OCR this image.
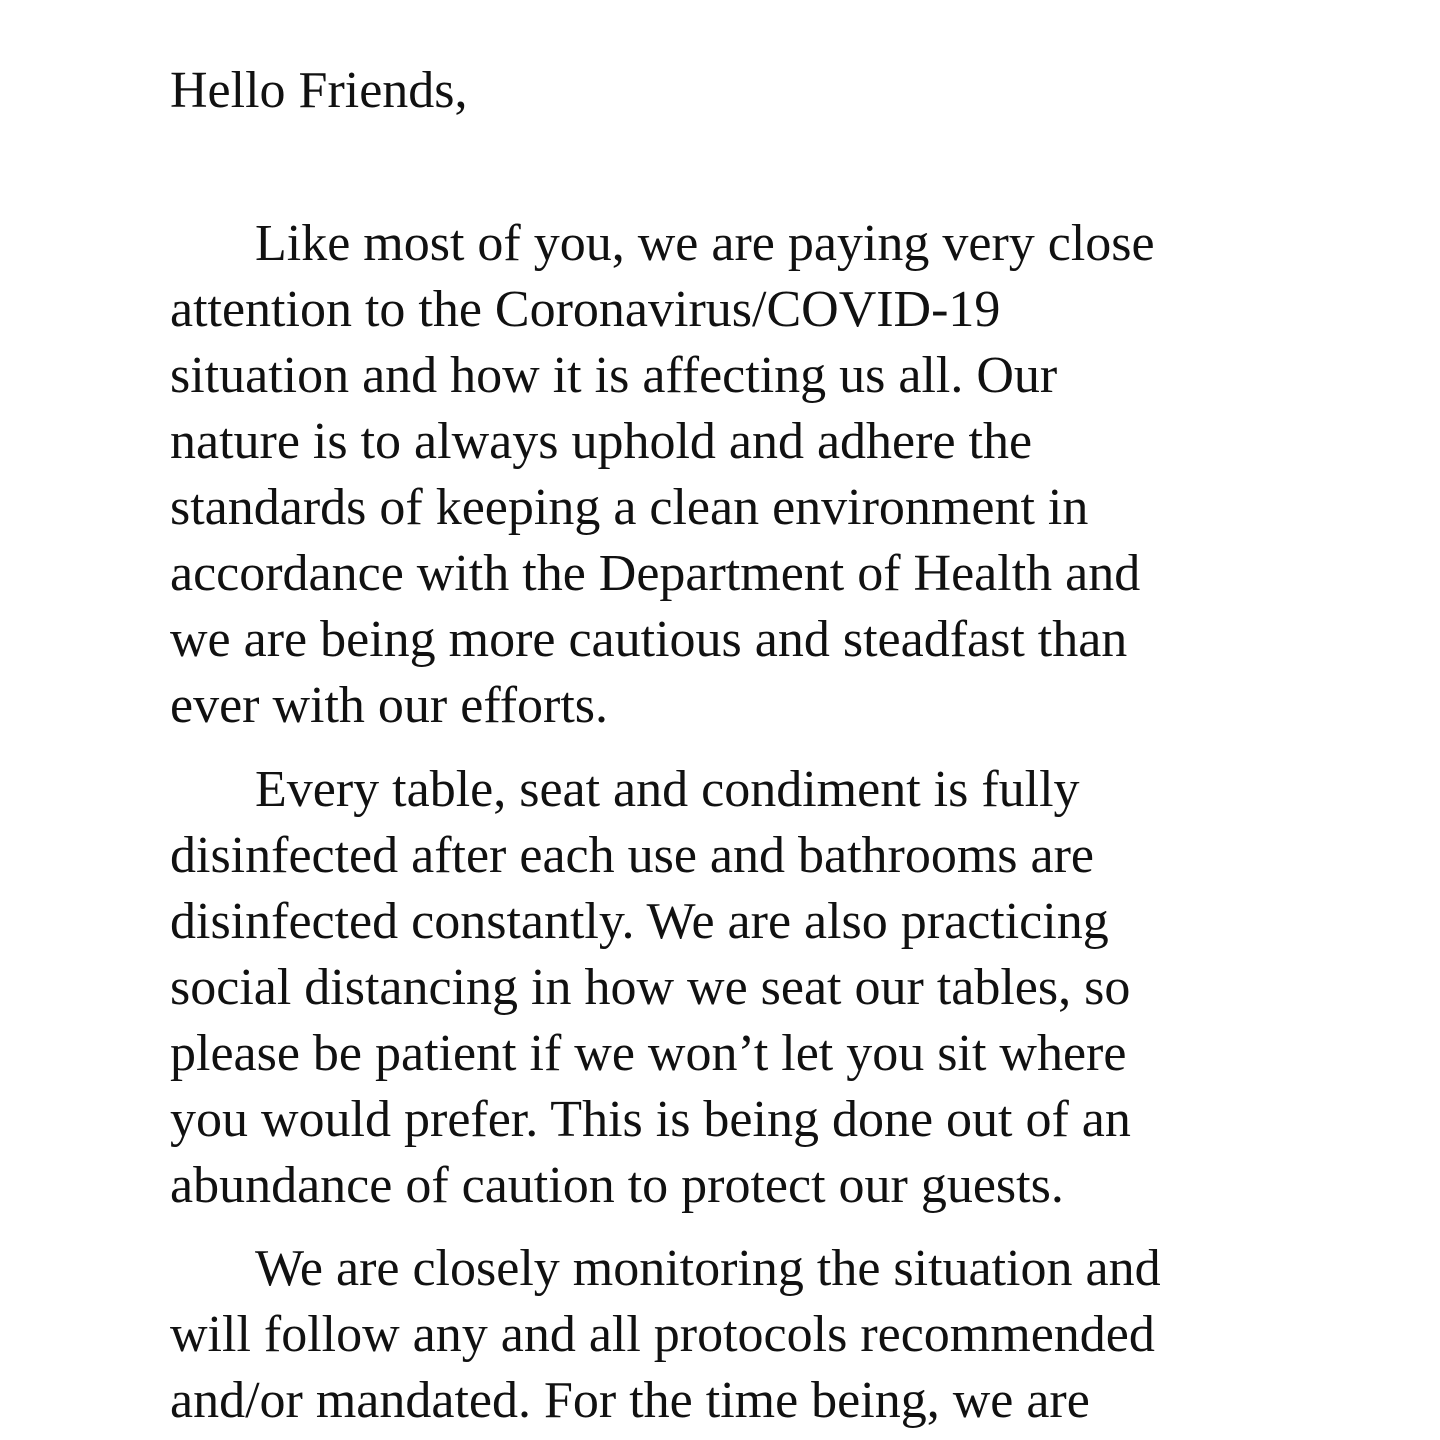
Hello Friends,
Like most of you, we are paying very close
attention to the Coronavirus/COVID-19
situation and how it is affecting us all. Our
nature is to always uphold and adhere the
standards of keeping a clean environment in
accordance with the Department of Health and
we are being more cautious and steadfast than
ever with our efforts.
Every table, seat and condiment is fully
disinfected after each use and bathrooms are
disinfected constantly. We are also practicing
social distancing in how we seat our tables, so
please be patient if we won’t let you sit where
you would prefer. This is being done out of an
abundance of caution to protect our guests.
We are closely monitoring the situation and
will follow any and all protocols recommended
and/or mandated. For the time being, we are
